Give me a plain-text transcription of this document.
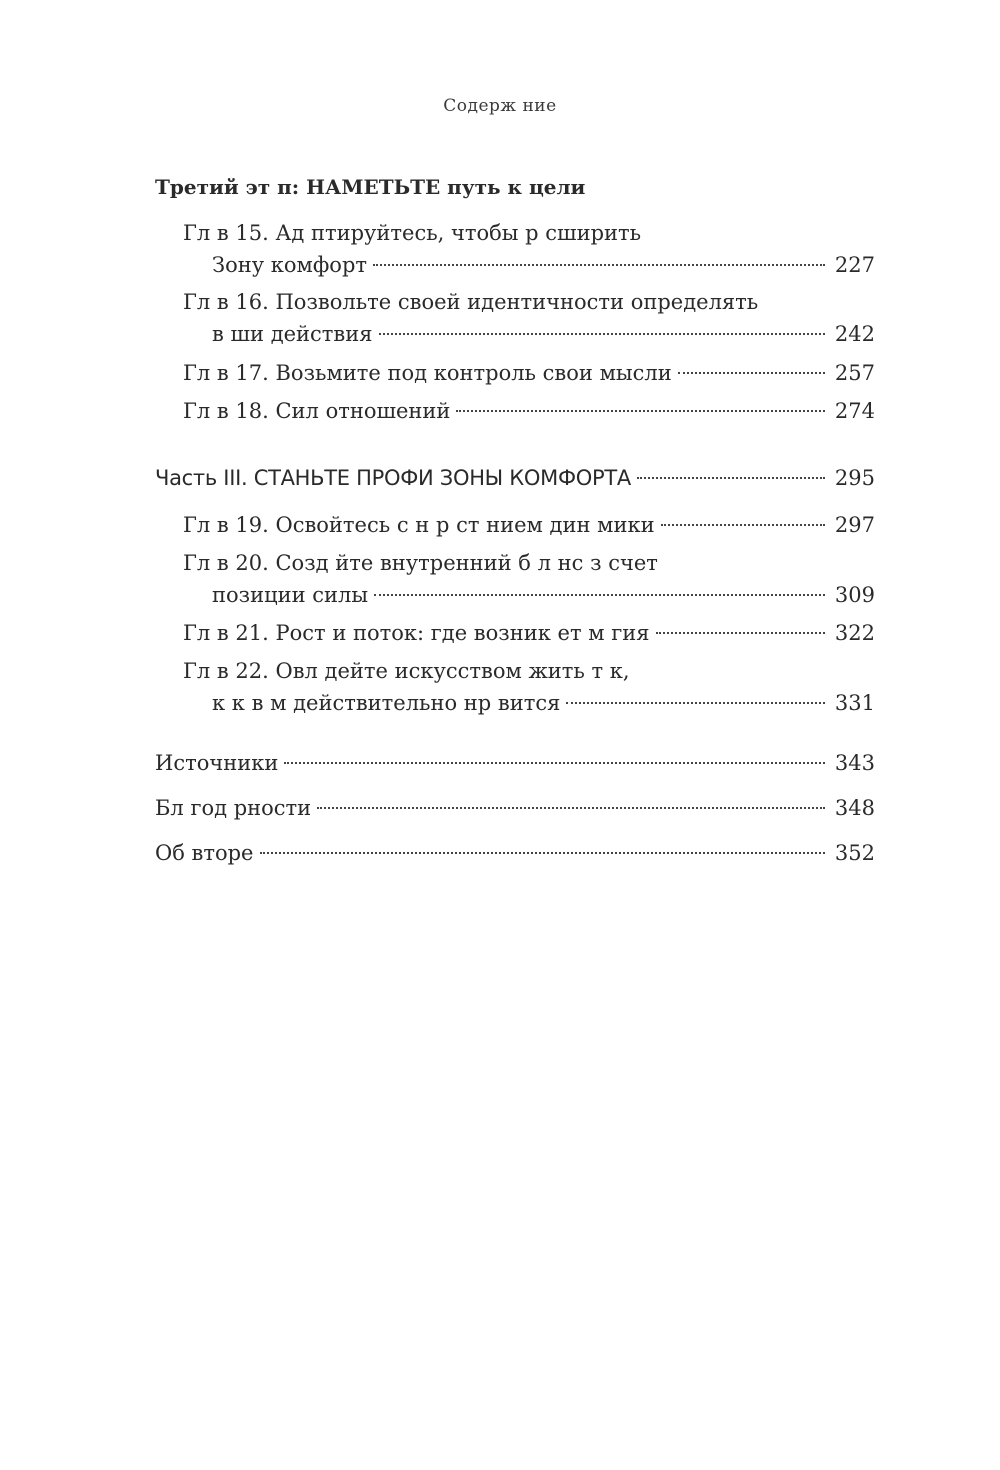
Содерж ние
Третий эт п: НАМЕТЬТЕ путь к цели
Гл в 15. Ад птируйтесь, чтобы р сширить
Зону комфорт	227
Гл в 16. Позвольте своей идентичности определять
в ши действия	242
Гл в 17. Возьмите под контроль свои мысли	257
Гл в 18. Сил отношений	274
Часть III. СТАНЬТЕ ПРОФИ ЗОНЫ КОМФОРТА	295
Гл в 19. Освойтесь с н р ст нием дин мики	297
Гл в 20. Созд йте внутренний б л нс з счет
позиции силы	309
Гл в 21. Рост и поток: где возник ет м гия	322
Гл в 22. Овл дейте искусством жить т к,
к к в м действительно нр вится	331
Источники	343
Бл год рности	348
Об вторе	352
